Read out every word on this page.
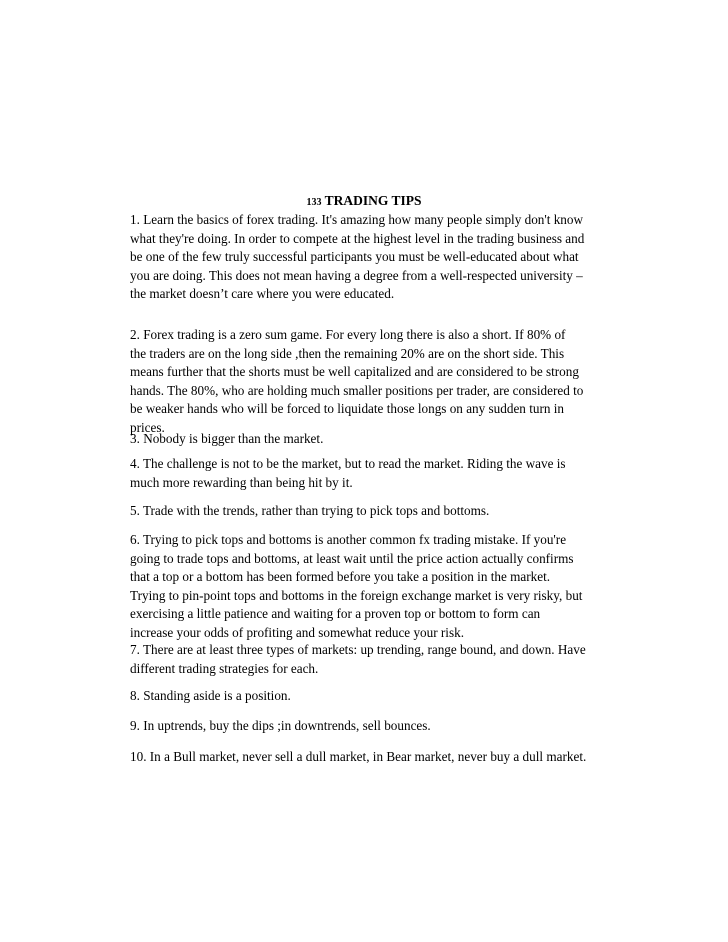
133 TRADING TIPS
1. Learn the basics of forex trading. It's amazing how many people simply don't know
what they're doing. In order to compete at the highest level in the trading business and
be one of the few truly successful participants you must be well-educated about what
you are doing. This does not mean having a degree from a well-respected university –
the market doesn’t care where you were educated.
2. Forex trading is a zero sum game. For every long there is also a short. If 80% of
the traders are on the long side ,then the remaining 20% are on the short side. This
means further that the shorts must be well capitalized and are considered to be strong
hands. The 80%, who are holding much smaller positions per trader, are considered to
be weaker hands who will be forced to liquidate those longs on any sudden turn in
prices.
3. Nobody is bigger than the market.
4. The challenge is not to be the market, but to read the market. Riding the wave is
much more rewarding than being hit by it.
5. Trade with the trends, rather than trying to pick tops and bottoms.
6. Trying to pick tops and bottoms is another common fx trading mistake. If you're
going to trade tops and bottoms, at least wait until the price action actually confirms
that a top or a bottom has been formed before you take a position in the market.
Trying to pin-point tops and bottoms in the foreign exchange market is very risky, but
exercising a little patience and waiting for a proven top or bottom to form can
increase your odds of profiting and somewhat reduce your risk.
7. There are at least three types of markets: up trending, range bound, and down. Have
different trading strategies for each.
8. Standing aside is a position.
9. In uptrends, buy the dips ;in downtrends, sell bounces.
10. In a Bull market, never sell a dull market, in Bear market, never buy a dull market.
